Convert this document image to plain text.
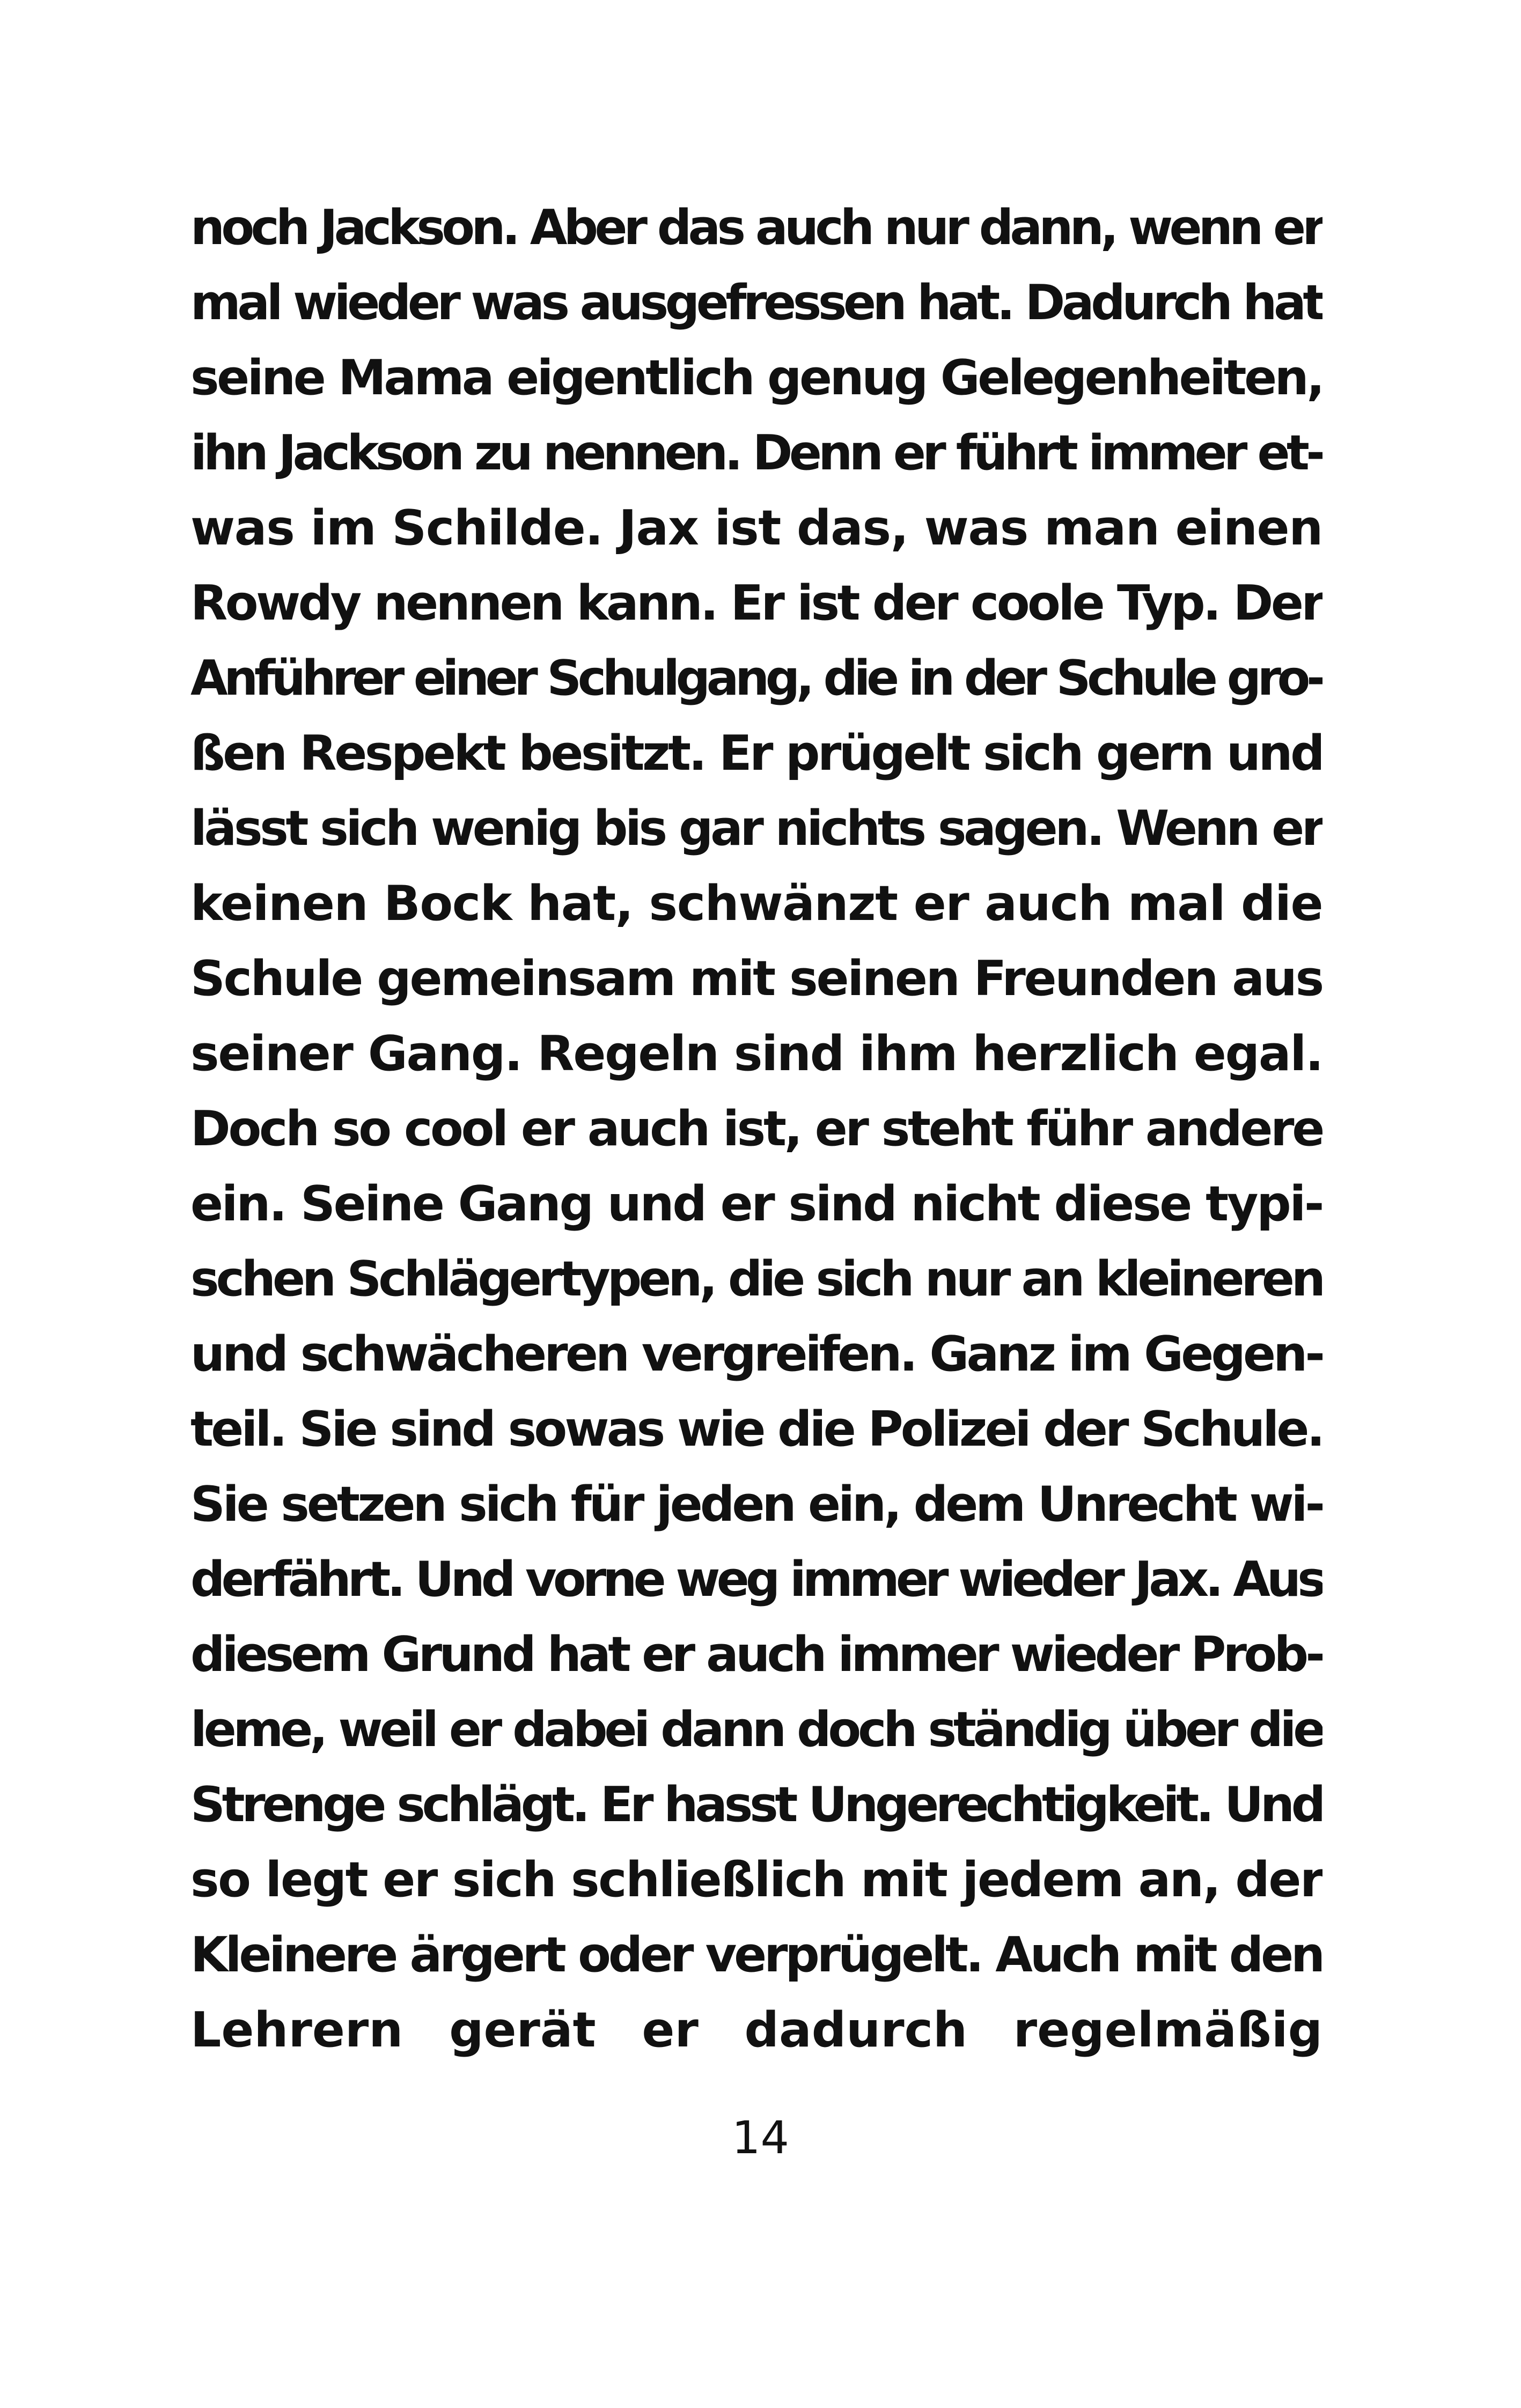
noch Jackson. Aber das auch nur dann, wenn er
mal wieder was ausgefressen hat. Dadurch hat
seine Mama eigentlich genug Gelegenheiten,
ihn Jackson zu nennen. Denn er führt immer et-
was im Schilde. Jax ist das, was man einen
Rowdy nennen kann. Er ist der coole Typ. Der
Anführer einer Schulgang, die in der Schule gro-
ßen Respekt besitzt. Er prügelt sich gern und
lässt sich wenig bis gar nichts sagen. Wenn er
keinen Bock hat, schwänzt er auch mal die
Schule gemeinsam mit seinen Freunden aus
seiner Gang. Regeln sind ihm herzlich egal.
Doch so cool er auch ist, er steht führ andere
ein. Seine Gang und er sind nicht diese typi-
schen Schlägertypen, die sich nur an kleineren
und schwächeren vergreifen. Ganz im Gegen-
teil. Sie sind sowas wie die Polizei der Schule.
Sie setzen sich für jeden ein, dem Unrecht wi-
derfährt. Und vorne weg immer wieder Jax. Aus
diesem Grund hat er auch immer wieder Prob-
leme, weil er dabei dann doch ständig über die
Strenge schlägt. Er hasst Ungerechtigkeit. Und
so legt er sich schließlich mit jedem an, der
Kleinere ärgert oder verprügelt. Auch mit den
Lehrern gerät er dadurch regelmäßig
14
